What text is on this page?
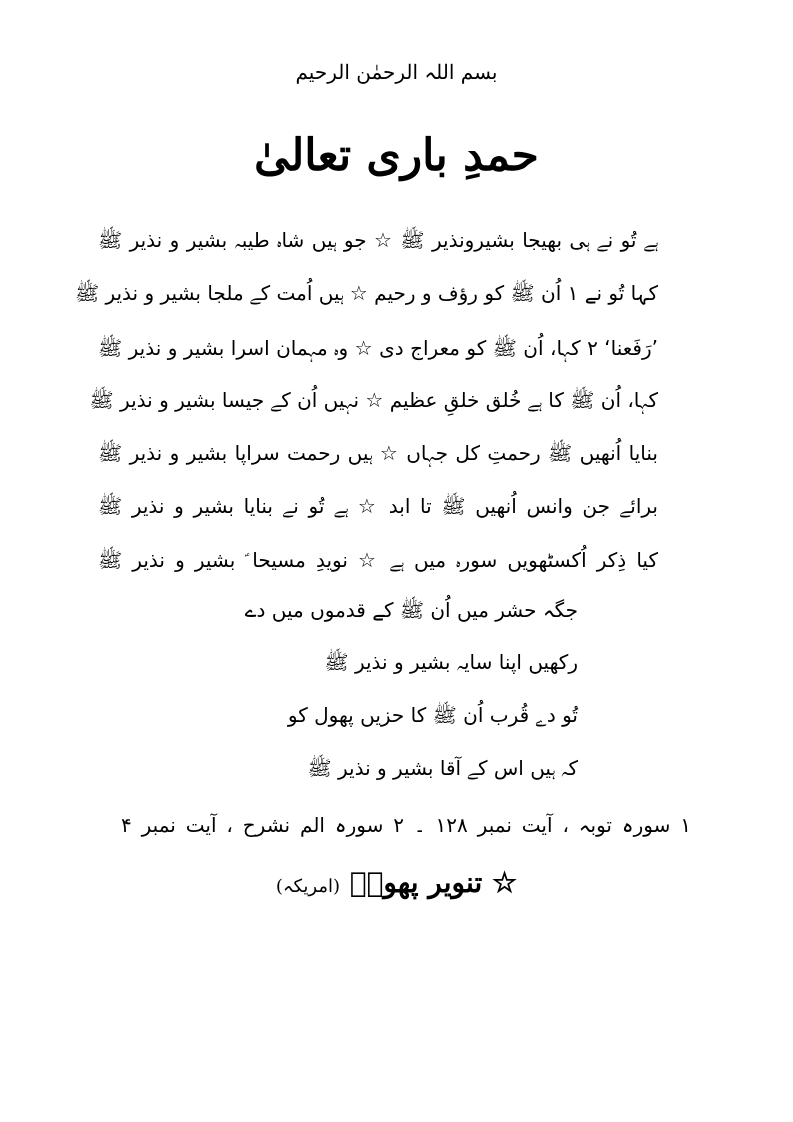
بسم اللہ الرحمٰن الرحیم
حمدِ باری تعالیٰ
ہے تُو نے ہی بھیجا بشیرونذیر ﷺ ☆ جو ہیں شاہ طیبہ بشیر و نذیر ﷺ
کہا تُو نے ۱ اُن ﷺ کو رؤف و رحیم ☆ ہیں اُمت کے ملجا بشیر و نذیر ﷺ
’رَفَعنا‘ ۲ کہا، اُن ﷺ کو معراج دی ☆ وہ مہمان اسرا بشیر و نذیر ﷺ
کہا، اُن ﷺ کا ہے خُلق خلقِ عظیم ☆ نہیں اُن کے جیسا بشیر و نذیر ﷺ
بنایا اُنھیں ﷺ رحمتِ کل جہاں ☆ ہیں رحمت سراپا بشیر و نذیر ﷺ
برائے جن وانس اُنھیں ﷺ تا ابد ☆ ہے تُو نے بنایا بشیر و نذیر ﷺ
کیا ذِکر اُکسٹھویں سورہ میں ہے ☆ نویدِ مسیحا ؑ بشیر و نذیر ﷺ
جگہ حشر میں اُن ﷺ کے قدموں میں دے
رکھیں اپنا سایہ بشیر و نذیر ﷺ
تُو دے قُرب اُن ﷺ کا حزیں پھول کو
کہ ہیں اس کے آقا بشیر و نذیر ﷺ
۱ سورہ توبہ ، آیت نمبر ۱۲۸ ۔ ۲ سورہ الم نشرح ، آیت نمبر ۴
☆ تنویر پھولؔ (امریکہ)
